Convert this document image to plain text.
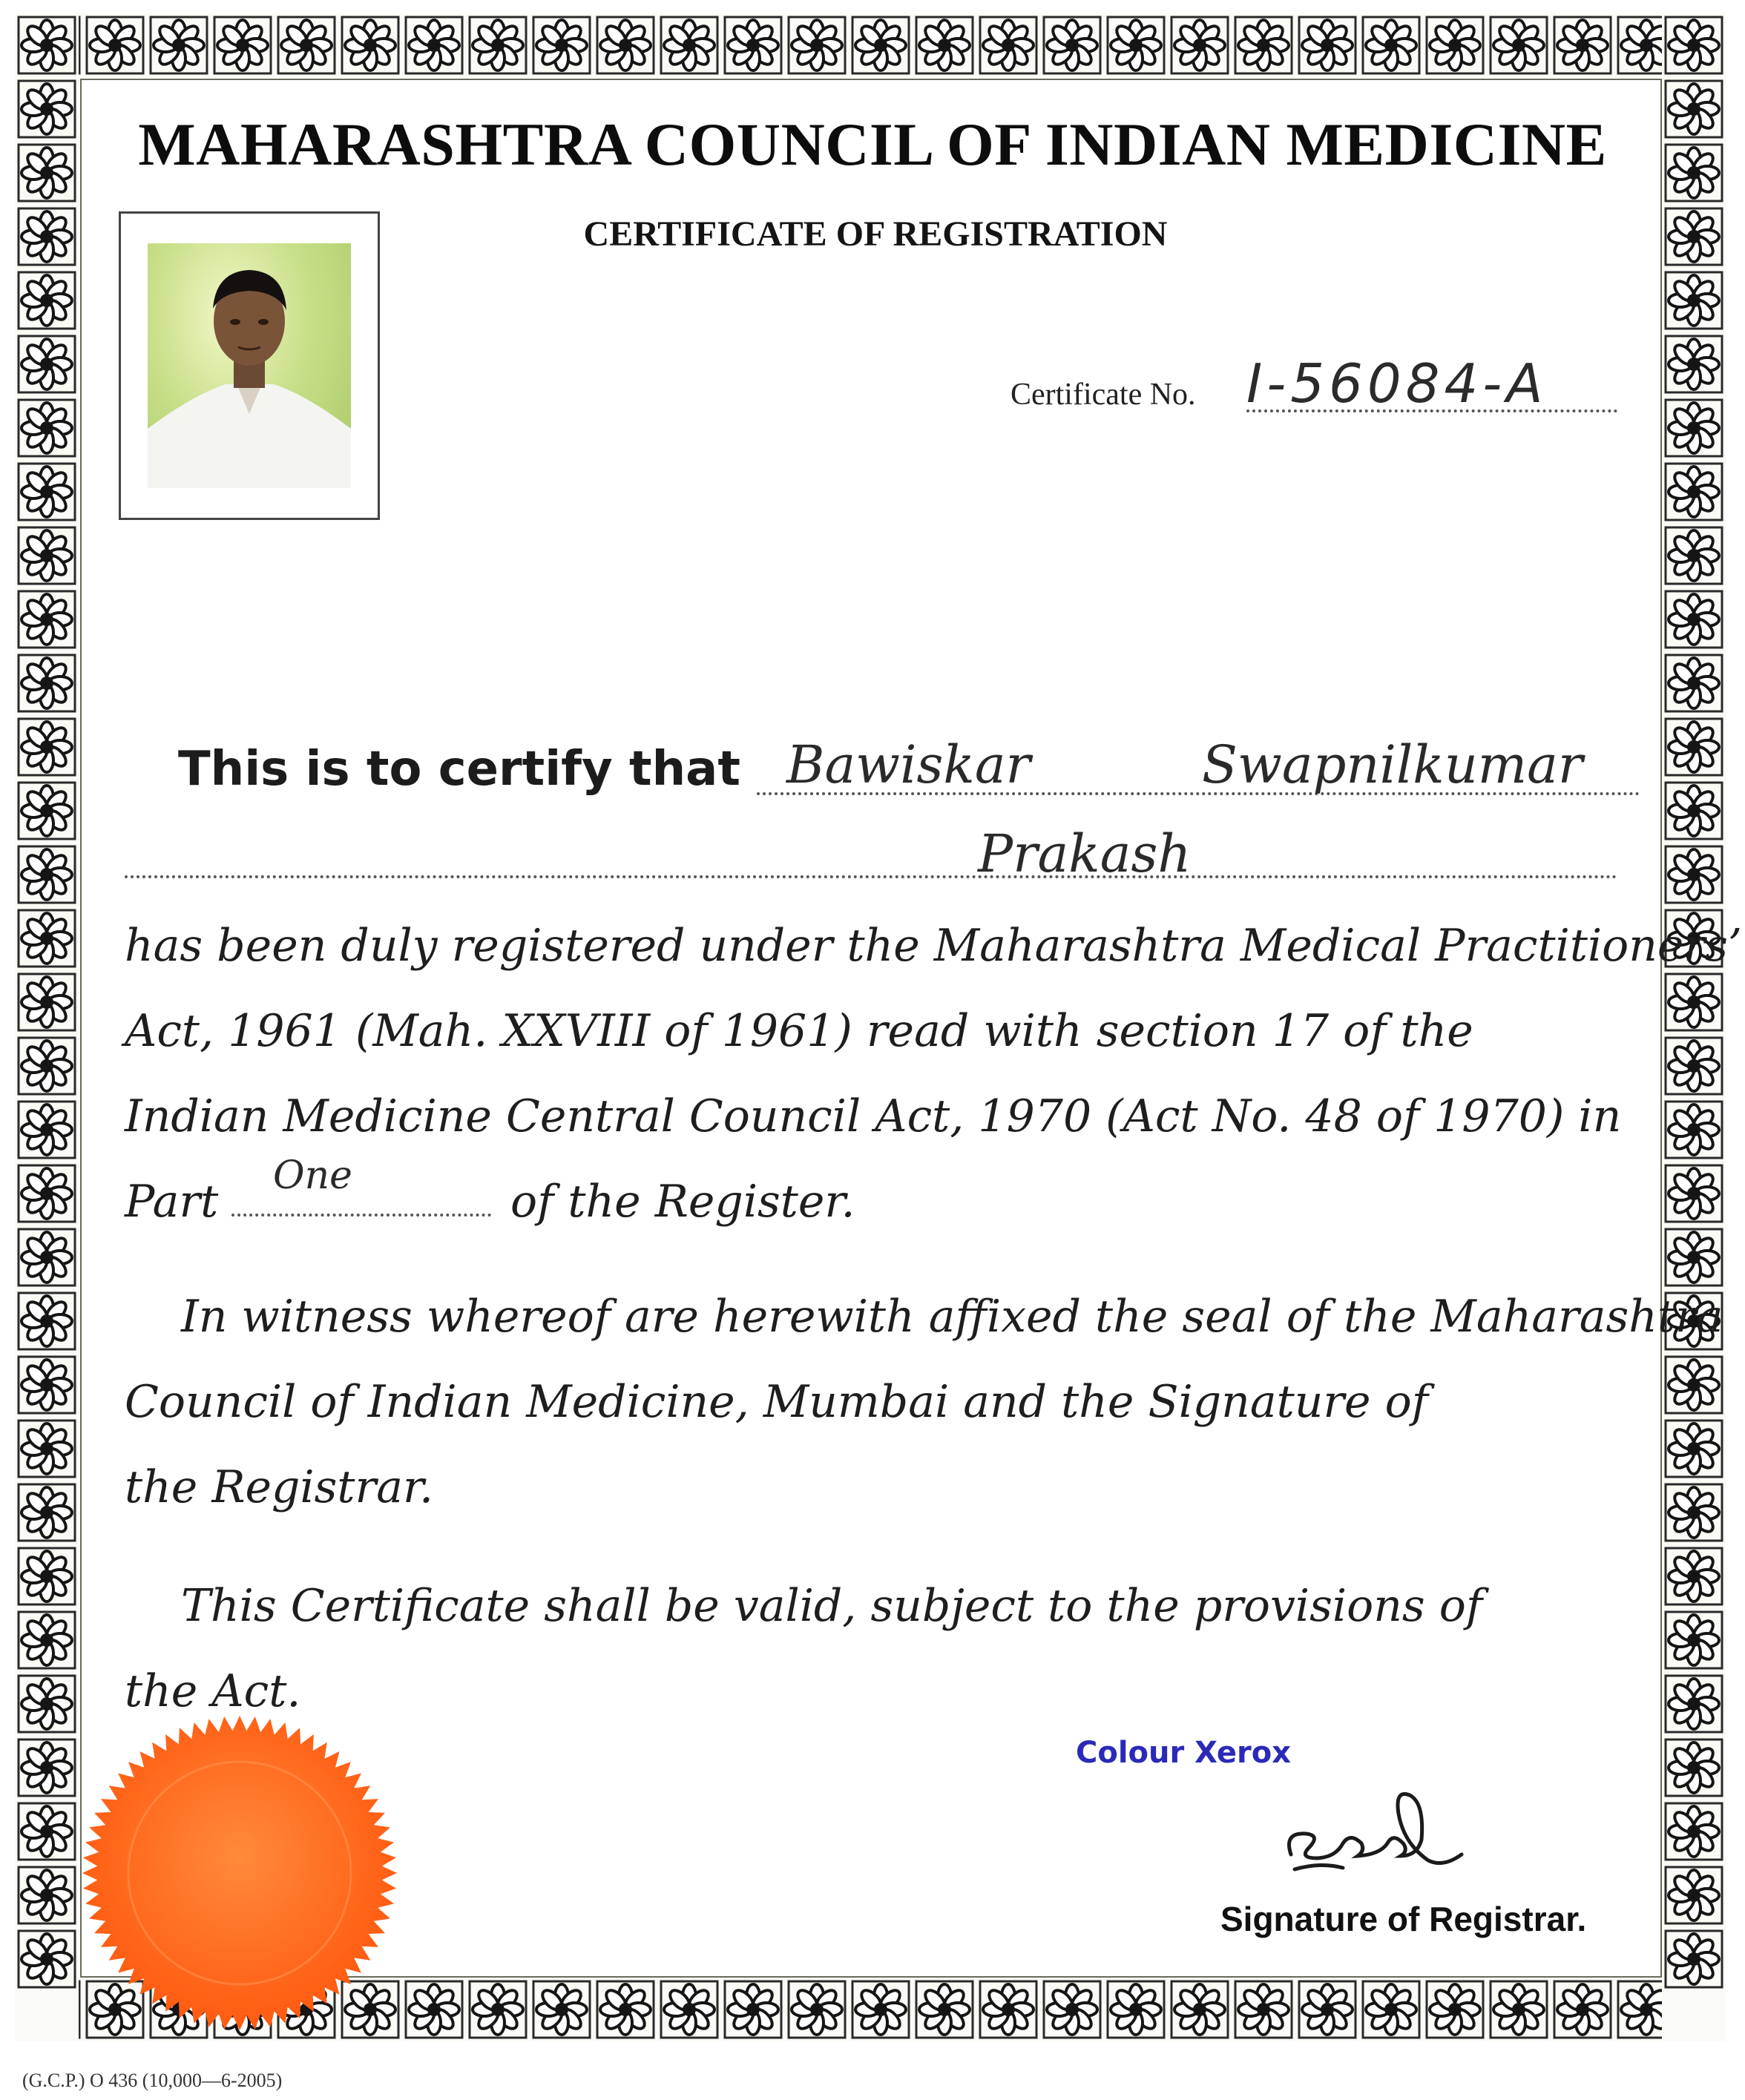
MAHARASHTRA COUNCIL OF INDIAN MEDICINE
CERTIFICATE OF REGISTRATION
Certificate No. I-56084-A
This is to certify that Bawiskar	Swapnilkumar
Prakash
has been duly registered under the Maharashtra Medical Practitioners’
Act, 1961 (Mah. XXVIII of 1961) read with section 17 of the
Indian Medicine Central Council Act, 1970 (Act No. 48 of 1970) in
Part	of the Register.
One
In witness whereof are herewith affixed the seal of the Maharashtra
Council of Indian Medicine, Mumbai and the Signature of
the Registrar.
This Certificate shall be valid, subject to the provisions of
the Act.
Colour Xerox
Signature of Registrar.
(G.C.P.) O 436 (10,000—6-2005)
